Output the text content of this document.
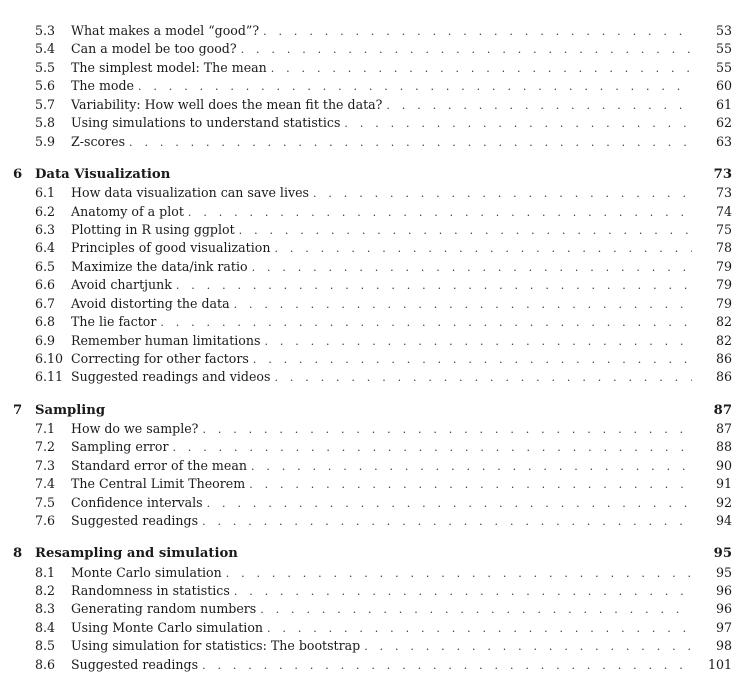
5.3	What makes a model “good”? . . .	53
5.4	Can a model be too good? . . .	55
5.5	The simplest model: The mean . . .	55
5.6	The mode . . .	60
5.7	Variability: How well does the mean fit the data? . . .	61
5.8	Using simulations to understand statistics . . .	62
5.9	Z-scores . . .	63
6 Data Visualization	73
6.1	How data visualization can save lives . . .	73
6.2	Anatomy of a plot . . .	74
6.3	Plotting in R using ggplot . . .	75
6.4	Principles of good visualization . . .	78
6.5	Maximize the data/ink ratio . . .	79
6.6	Avoid chartjunk . . .	79
6.7	Avoid distorting the data . . .	79
6.8	The lie factor . . .	82
6.9	Remember human limitations . . .	82
6.10 Correcting for other factors . . .	86
6.11 Suggested readings and videos . . .	86
7 Sampling	87
7.1	How do we sample? . . .	87
7.2	Sampling error . . .	88
7.3	Standard error of the mean . . .	90
7.4	The Central Limit Theorem . . .	91
7.5	Confidence intervals . . .	92
7.6	Suggested readings . . .	94
8 Resampling and simulation	95
8.1	Monte Carlo simulation . . .	95
8.2	Randomness in statistics . . .	96
8.3	Generating random numbers . . .	96
8.4	Using Monte Carlo simulation . . .	97
8.5	Using simulation for statistics: The bootstrap . . .	98
8.6	Suggested readings . . .	101
